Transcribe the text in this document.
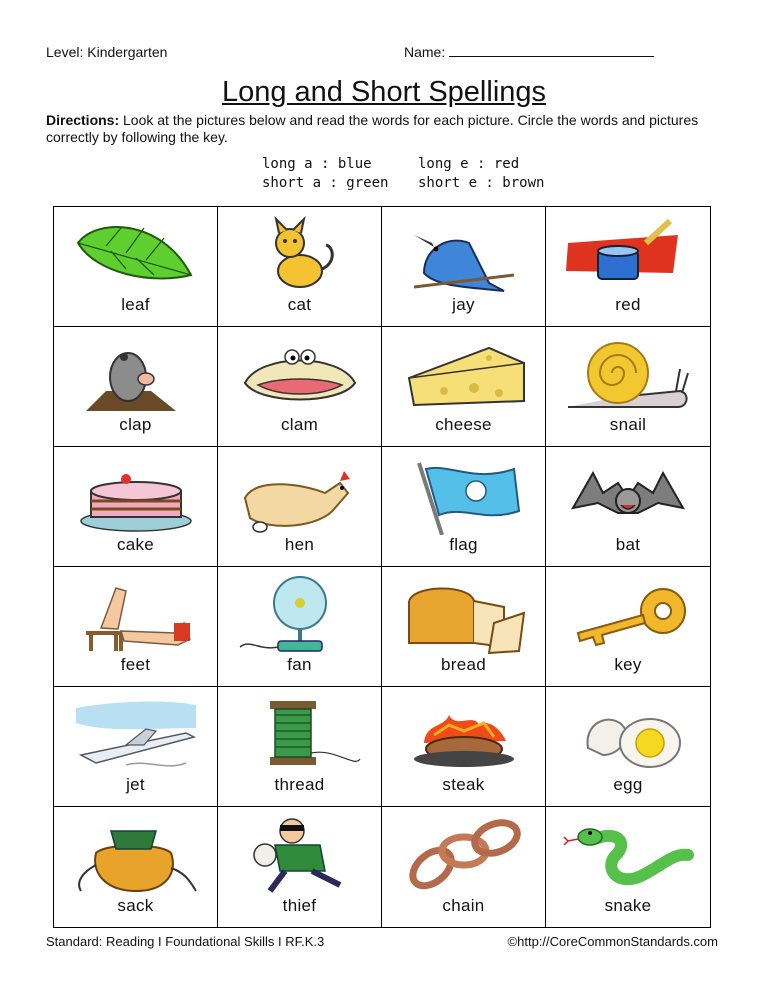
Level: Kindergarten	Name:
Long and Short Spellings
Directions: Look at the pictures below and read the words for each picture. Circle the words and pictures correctly by following the key.
long a : blue
short a : green
long e : red
short e : brown
leaf	cat	jay	red
clap	clam	cheese	snail
cake	hen	flag	bat
feet	fan	bread	key
jet	thread	steak	egg
sack	thief	chain	snake
Standard: Reading I Foundational Skills I RF.K.3	©http://CoreCommonStandards.com
